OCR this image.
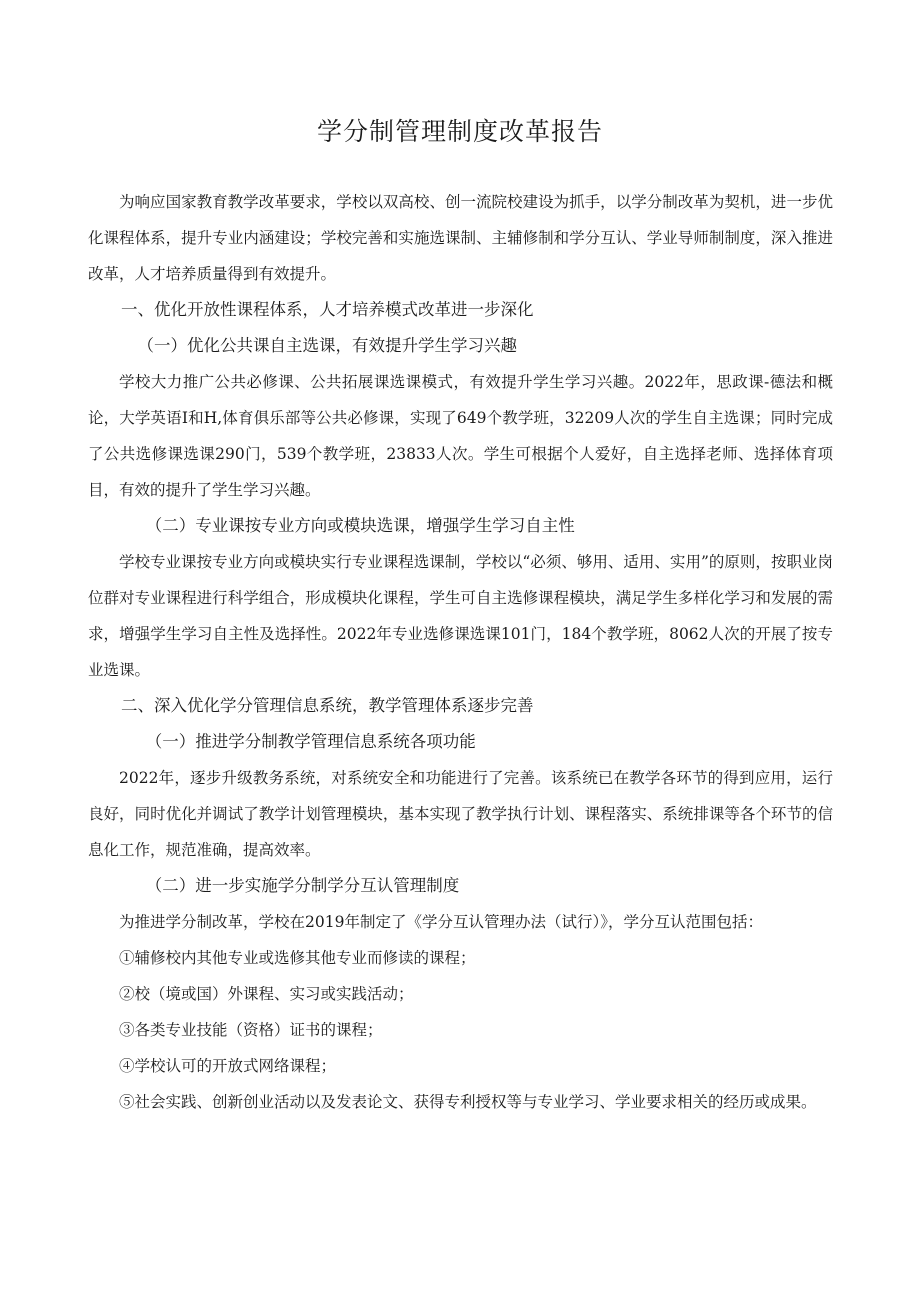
学分制管理制度改革报告

为响应国家教育教学改革要求，学校以双高校、创一流院校建设为抓手，以学分制改革为契机，进一步优化课程体系，提升专业内涵建设；学校完善和实施选课制、主辅修制和学分互认、学业导师制制度，深入推进改革，人才培养质量得到有效提升。

一、优化开放性课程体系，人才培养模式改革进一步深化

（一）优化公共课自主选课，有效提升学生学习兴趣

学校大力推广公共必修课、公共拓展课选课模式，有效提升学生学习兴趣。2022年，思政课-德法和概论，大学英语I和H,体育俱乐部等公共必修课，实现了649个教学班，32209人次的学生自主选课；同时完成了公共选修课选课290门，539个教学班，23833人次。学生可根据个人爱好，自主选择老师、选择体育项目，有效的提升了学生学习兴趣。

（二）专业课按专业方向或模块选课，增强学生学习自主性

学校专业课按专业方向或模块实行专业课程选课制，学校以“必须、够用、适用、实用”的原则，按职业岗位群对专业课程进行科学组合，形成模块化课程，学生可自主选修课程模块，满足学生多样化学习和发展的需求，增强学生学习自主性及选择性。2022年专业选修课选课101门，184个教学班，8062人次的开展了按专业选课。

二、深入优化学分管理信息系统，教学管理体系逐步完善

（一）推进学分制教学管理信息系统各项功能

2022年，逐步升级教务系统，对系统安全和功能进行了完善。该系统已在教学各环节的得到应用，运行良好，同时优化并调试了教学计划管理模块，基本实现了教学执行计划、课程落实、系统排课等各个环节的信息化工作，规范准确，提高效率。

（二）进一步实施学分制学分互认管理制度

为推进学分制改革，学校在2019年制定了《学分互认管理办法（试行）》，学分互认范围包括：

①辅修校内其他专业或选修其他专业而修读的课程；

②校（境或国）外课程、实习或实践活动；

③各类专业技能（资格）证书的课程；

④学校认可的开放式网络课程；

⑤社会实践、创新创业活动以及发表论文、获得专利授权等与专业学习、学业要求相关的经历或成果。
